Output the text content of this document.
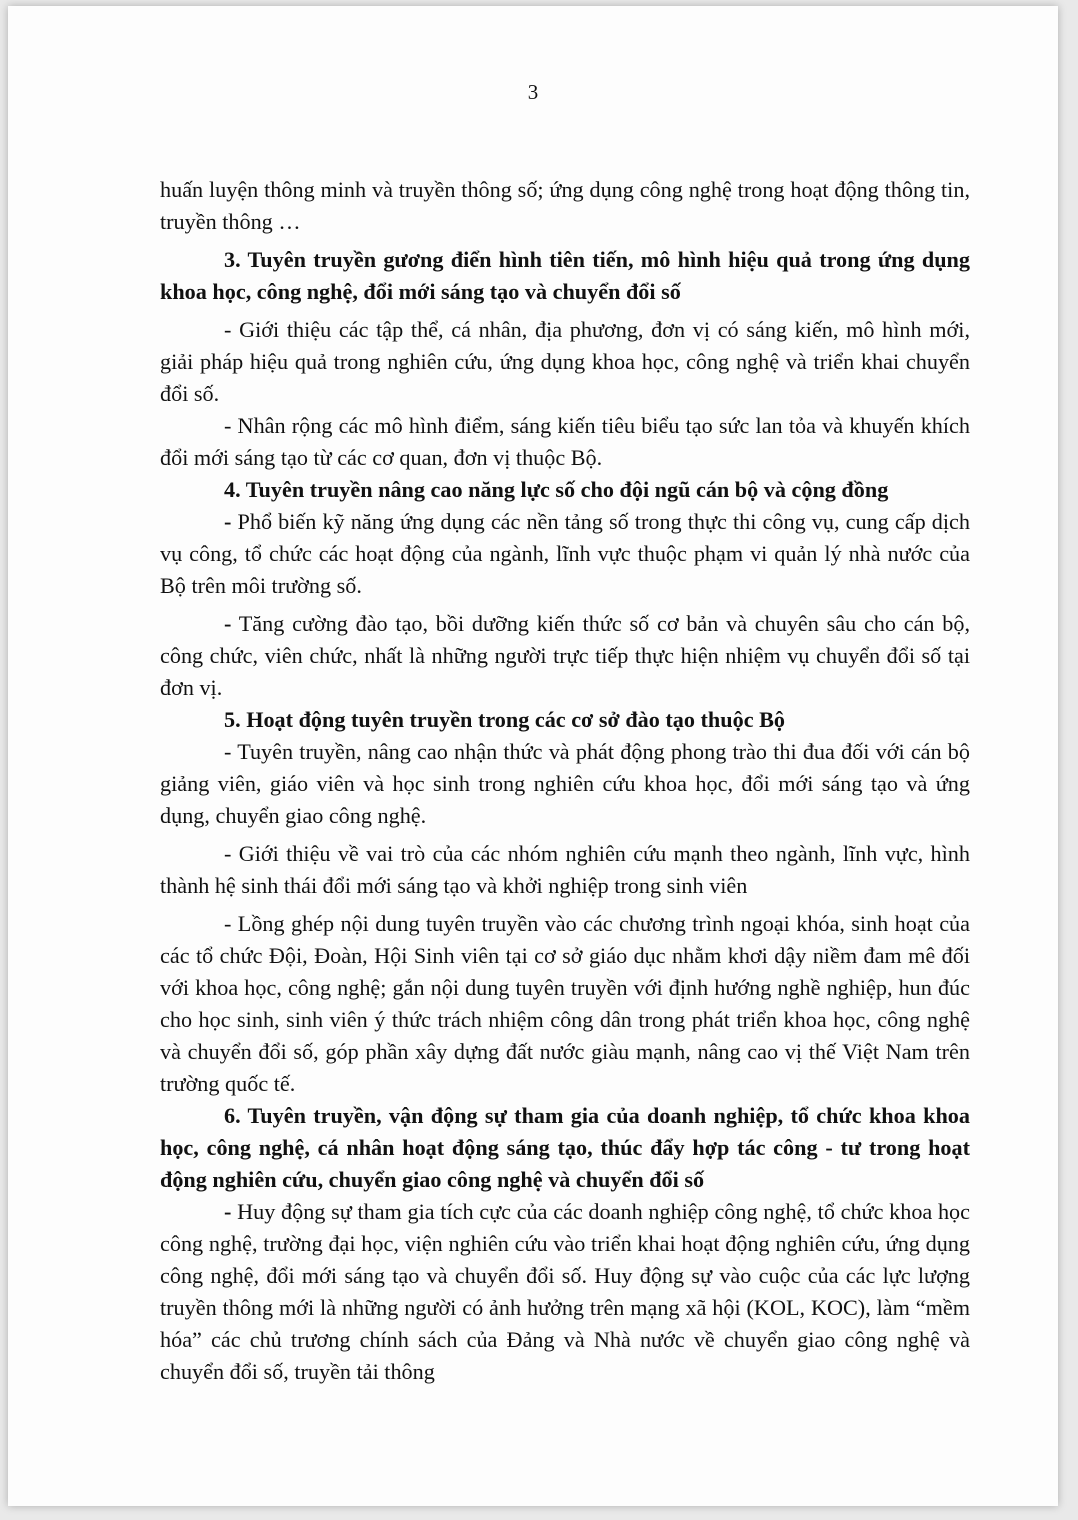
3

huấn luyện thông minh và truyền thông số; ứng dụng công nghệ trong hoạt động thông tin, truyền thông …

3. Tuyên truyền gương điển hình tiên tiến, mô hình hiệu quả trong ứng dụng khoa học, công nghệ, đổi mới sáng tạo và chuyển đổi số

- Giới thiệu các tập thể, cá nhân, địa phương, đơn vị có sáng kiến, mô hình mới, giải pháp hiệu quả trong nghiên cứu, ứng dụng khoa học, công nghệ và triển khai chuyển đổi số.

- Nhân rộng các mô hình điểm, sáng kiến tiêu biểu tạo sức lan tỏa và khuyến khích đổi mới sáng tạo từ các cơ quan, đơn vị thuộc Bộ.

4. Tuyên truyền nâng cao năng lực số cho đội ngũ cán bộ và cộng đồng

- Phổ biến kỹ năng ứng dụng các nền tảng số trong thực thi công vụ, cung cấp dịch vụ công, tổ chức các hoạt động của ngành, lĩnh vực thuộc phạm vi quản lý nhà nước của Bộ trên môi trường số.

- Tăng cường đào tạo, bồi dưỡng kiến thức số cơ bản và chuyên sâu cho cán bộ, công chức, viên chức, nhất là những người trực tiếp thực hiện nhiệm vụ chuyển đổi số tại đơn vị.

5. Hoạt động tuyên truyền trong các cơ sở đào tạo thuộc Bộ

- Tuyên truyền, nâng cao nhận thức và phát động phong trào thi đua đối với cán bộ giảng viên, giáo viên và học sinh trong nghiên cứu khoa học, đổi mới sáng tạo và ứng dụng, chuyển giao công nghệ.

- Giới thiệu về vai trò của các nhóm nghiên cứu mạnh theo ngành, lĩnh vực, hình thành hệ sinh thái đổi mới sáng tạo và khởi nghiệp trong sinh viên

- Lồng ghép nội dung tuyên truyền vào các chương trình ngoại khóa, sinh hoạt của các tổ chức Đội, Đoàn, Hội Sinh viên tại cơ sở giáo dục nhằm khơi dậy niềm đam mê đối với khoa học, công nghệ; gắn nội dung tuyên truyền với định hướng nghề nghiệp, hun đúc cho học sinh, sinh viên ý thức trách nhiệm công dân trong phát triển khoa học, công nghệ và chuyển đổi số, góp phần xây dựng đất nước giàu mạnh, nâng cao vị thế Việt Nam trên trường quốc tế.

6. Tuyên truyền, vận động sự tham gia của doanh nghiệp, tổ chức khoa khoa học, công nghệ, cá nhân hoạt động sáng tạo, thúc đẩy hợp tác công - tư trong hoạt động nghiên cứu, chuyển giao công nghệ và chuyển đổi số

- Huy động sự tham gia tích cực của các doanh nghiệp công nghệ, tổ chức khoa học công nghệ, trường đại học, viện nghiên cứu vào triển khai hoạt động nghiên cứu, ứng dụng công nghệ, đổi mới sáng tạo và chuyển đổi số. Huy động sự vào cuộc của các lực lượng truyền thông mới là những người có ảnh hưởng trên mạng xã hội (KOL, KOC), làm “mềm hóa” các chủ trương chính sách của Đảng và Nhà nước về chuyển giao công nghệ và chuyển đổi số, truyền tải thông
